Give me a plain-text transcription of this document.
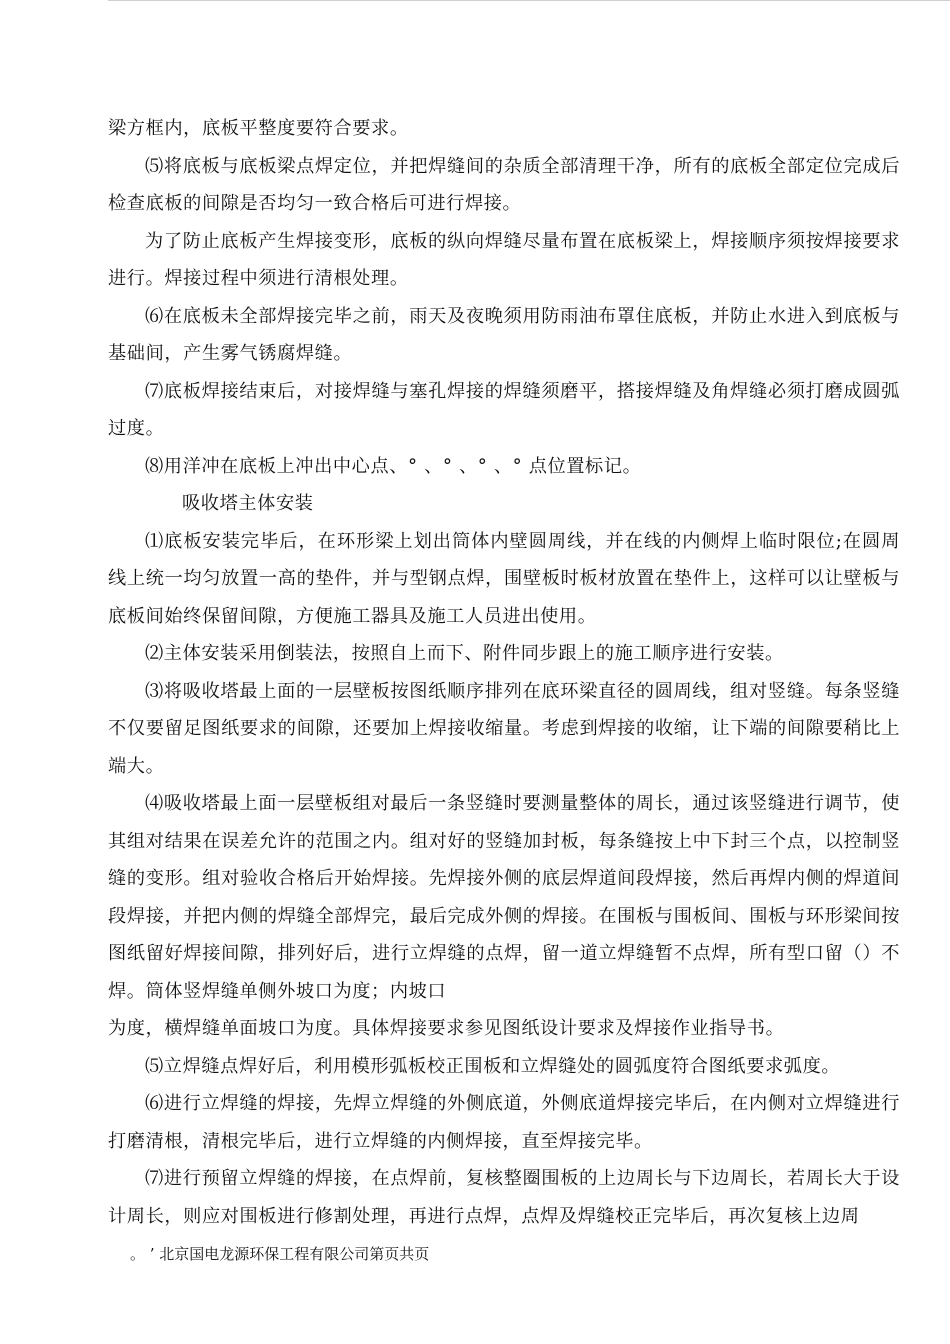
梁方框内，底板平整度要符合要求。

⑸将底板与底板梁点焊定位，并把焊缝间的杂质全部清理干净，所有的底板全部定位完成后检查底板的间隙是否均匀一致合格后可进行焊接。

为了防止底板产生焊接变形，底板的纵向焊缝尽量布置在底板梁上，焊接顺序须按焊接要求进行。焊接过程中须进行清根处理。

⑹在底板未全部焊接完毕之前，雨天及夜晚须用防雨油布罩住底板，并防止水进入到底板与基础间，产生雾气锈腐焊缝。

⑺底板焊接结束后，对接焊缝与塞孔焊接的焊缝须磨平，搭接焊缝及角焊缝必须打磨成圆弧过度。

⑻用洋冲在底板上冲出中心点、° 、° 、° 、° 点位置标记。

吸收塔主体安装

⑴底板安装完毕后，在环形梁上划出筒体内壁圆周线，并在线的内侧焊上临时限位;在圆周线上统一均匀放置一高的垫件，并与型钢点焊，围壁板时板材放置在垫件上，这样可以让壁板与底板间始终保留间隙，方便施工器具及施工人员进出使用。

⑵主体安装采用倒装法，按照自上而下、附件同步跟上的施工顺序进行安装。

⑶将吸收塔最上面的一层壁板按图纸顺序排列在底环梁直径的圆周线，组对竖缝。每条竖缝不仅要留足图纸要求的间隙，还要加上焊接收缩量。考虑到焊接的收缩，让下端的间隙要稍比上端大。

⑷吸收塔最上面一层壁板组对最后一条竖缝时要测量整体的周长，通过该竖缝进行调节，使其组对结果在误差允许的范围之内。组对好的竖缝加封板，每条缝按上中下封三个点，以控制竖缝的变形。组对验收合格后开始焊接。先焊接外侧的底层焊道间段焊接，然后再焊内侧的焊道间段焊接，并把内侧的焊缝全部焊完，最后完成外侧的焊接。在围板与围板间、围板与环形梁间按图纸留好焊接间隙，排列好后，进行立焊缝的点焊，留一道立焊缝暂不点焊，所有型口留（）不焊。筒体竖焊缝单侧外坡口为度；内坡口

为度，横焊缝单面坡口为度。具体焊接要求参见图纸设计要求及焊接作业指导书。

⑸立焊缝点焊好后，利用模形弧板校正围板和立焊缝处的圆弧度符合图纸要求弧度。

⑹进行立焊缝的焊接，先焊立焊缝的外侧底道，外侧底道焊接完毕后，在内侧对立焊缝进行打磨清根，清根完毕后，进行立焊缝的内侧焊接，直至焊接完毕。

⑺进行预留立焊缝的焊接，在点焊前，复核整圈围板的上边周长与下边周长，若周长大于设计周长，则应对围板进行修割处理，再进行点焊，点焊及焊缝校正完毕后，再次复核上边周

。 ’ 北京国电龙源环保工程有限公司第页共页
